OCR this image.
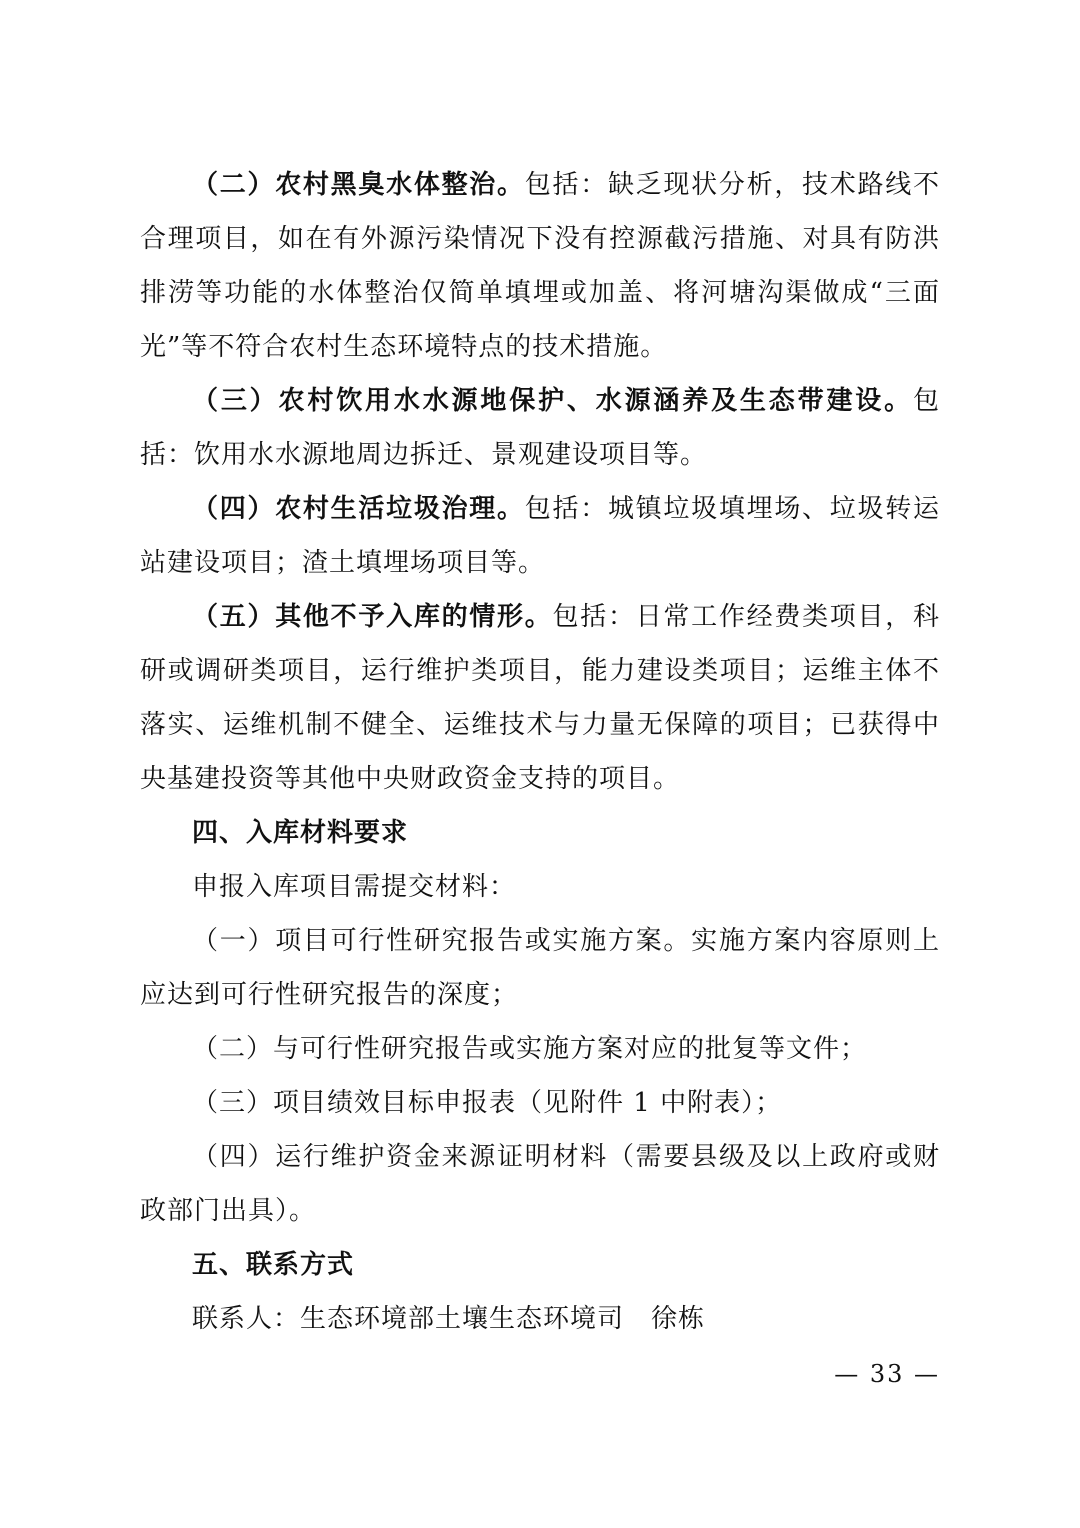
（二）农村黑臭水体整治。包括：缺乏现状分析，技术路线不合理项目，如在有外源污染情况下没有控源截污措施、对具有防洪排涝等功能的水体整治仅简单填埋或加盖、将河塘沟渠做成“三面光”等不符合农村生态环境特点的技术措施。

（三）农村饮用水水源地保护、水源涵养及生态带建设。包括：饮用水水源地周边拆迁、景观建设项目等。

（四）农村生活垃圾治理。包括：城镇垃圾填埋场、垃圾转运站建设项目；渣土填埋场项目等。

（五）其他不予入库的情形。包括：日常工作经费类项目，科研或调研类项目，运行维护类项目，能力建设类项目；运维主体不落实、运维机制不健全、运维技术与力量无保障的项目；已获得中央基建投资等其他中央财政资金支持的项目。

四、入库材料要求

申报入库项目需提交材料：

（一）项目可行性研究报告或实施方案。实施方案内容原则上应达到可行性研究报告的深度；

（二）与可行性研究报告或实施方案对应的批复等文件；

（三）项目绩效目标申报表（见附件 1 中附表）；

（四）运行维护资金来源证明材料（需要县级及以上政府或财政部门出具）。

五、联系方式

联系人：生态环境部土壤生态环境司　徐栋

— 33 —
